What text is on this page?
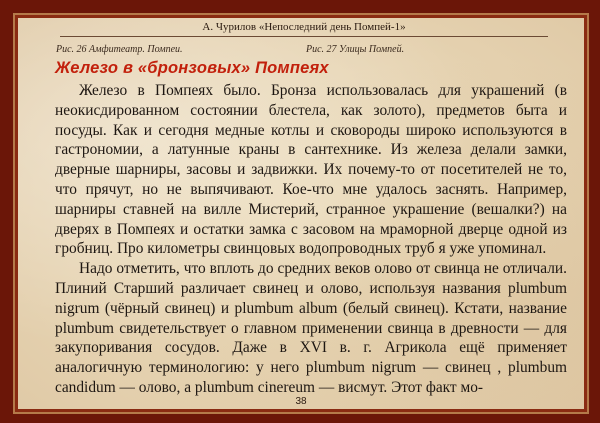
А. Чурилов «Непоследний день Помпей-1»
Рис. 26 Амфитеатр. Помпеи.	Рис. 27 Улицы Помпей.
Железо в «бронзовых» Помпеях

Железо в Помпеях было. Бронза использовалась для украшений (в неокисдированном состоянии блестела, как золото), предметов быта и посуды. Как и сегодня медные котлы и сковороды широко используются в гастрономии, а латунные краны в сантехнике. Из железа делали замки, дверные шарниры, засовы и задвижки. Их почему-то от посетителей не то, что прячут, но не выпячивают. Кое-что мне удалось заснять. Например, шарниры ставней на вилле Мистерий, странное украшение (вешалки?) на дверях в Помпеях и остатки замка с засовом на мраморной дверце одной из гробниц. Про километры свинцовых водопроводных труб я уже упоминал.

Надо отметить, что вплоть до средних веков олово от свинца не отличали. Плиний Старший различает свинец и олово, используя названия plumbum nigrum (чёрный свинец) и plumbum album (белый свинец). Кстати, название plumbum свидетельствует о главном применении свинца в древности — для закупоривания сосудов. Даже в XVI в. г. Агрикола ещё применяет аналогичную терминологию: у него plumbum nigrum — свинец , plumbum candidum — олово, а plumbum cinereum — висмут. Этот факт мо-

38
